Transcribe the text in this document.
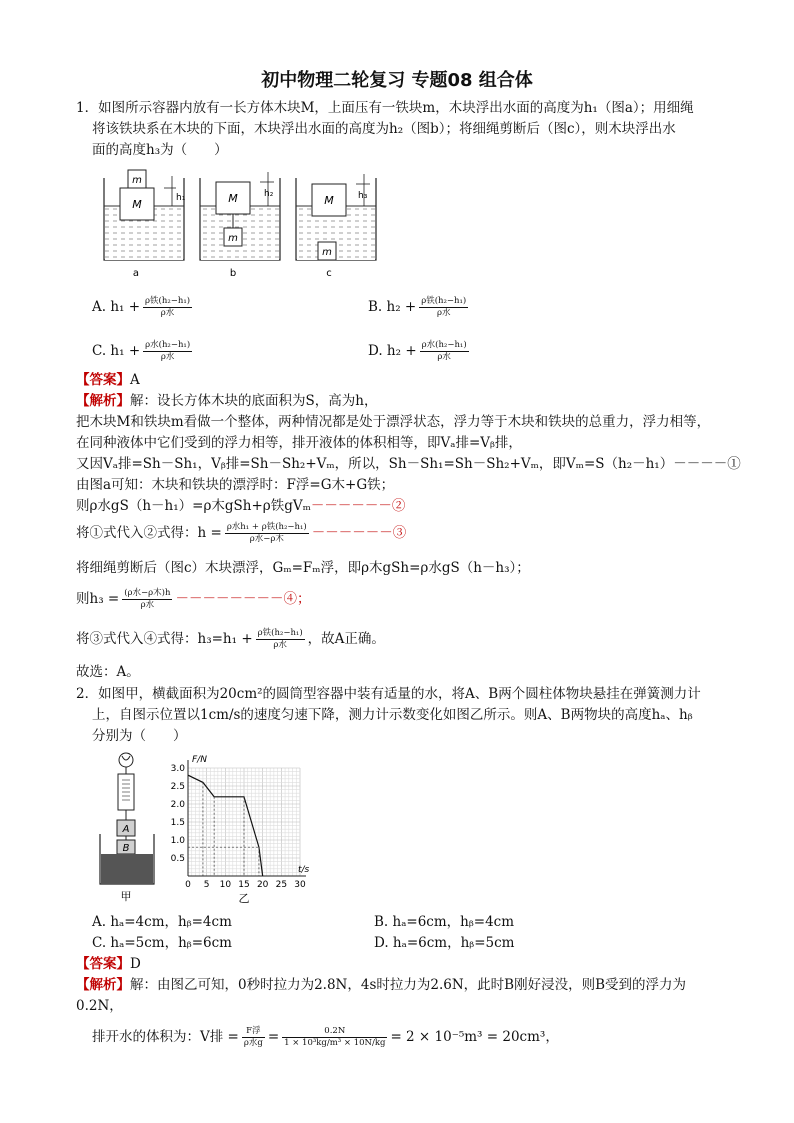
初中物理二轮复习 专题08 组合体
1．如图所示容器内放有一长方体木块M，上面压有一铁块m，木块浮出水面的高度为h₁（图a）；用细绳
将该铁块系在木块的下面，木块浮出水面的高度为h₂（图b）；将细绳剪断后（图c），则木块浮出水
面的高度h₃为（　　）
m
M	h₁
a
m
M	h₂
b
m
M	h₃
c
A. $h_1 + \frac{\text{ρ铁(h₂−h₁)}}{\text{ρ水}}$	B. $h_2 + \frac{\text{ρ铁(h₂−h₁)}}{\text{ρ水}}$
C. $h_1 + \frac{\text{ρ水(h₂−h₁)}}{\text{ρ水}}$	D. $h_2 + \frac{\text{ρ水(h₂−h₁)}}{\text{ρ水}}$
【答案】A
【解析】解：设长方体木块的底面积为S，高为h，
把木块M和铁块m看做一个整体，两种情况都是处于漂浮状态，浮力等于木块和铁块的总重力，浮力相等，
在同种液体中它们受到的浮力相等，排开液体的体积相等，即Vₐ排=Vᵦ排，
又因Vₐ排=Sh－Sh₁，Vᵦ排=Sh－Sh₂+Vₘ，所以，Sh－Sh₁=Sh－Sh₂+Vₘ，即Vₘ=S（h₂－h₁）－－－－①
由图a可知：木块和铁块的漂浮时：F浮=G木+G铁；
则ρ水gS（h－h₁）=ρ木gSh+ρ铁gVₘ－－－－－－②
将①式代入②式得：$h = \frac{\text{ρ水h₁ + ρ铁(h₂−h₁)}}{\text{ρ水−ρ木}}$ －－－－－－③
将细绳剪断后（图c）木块漂浮，Gₘ=Fₘ浮，即ρ木gSh=ρ水gS（h－h₃）；
则$h_3 = \frac{\text{(ρ水−ρ木)h}}{\text{ρ水}}$ －－－－－－－－④；
将③式代入④式得：$h_3=h_1 + \frac{\text{ρ铁(h₂−h₁)}}{\text{ρ水}}$ ，故A正确。
故选：A。
2．如图甲，横截面积为20cm²的圆筒型容器中装有适量的水，将A、B两个圆柱体物块悬挂在弹簧测力计
上，自图示位置以1cm/s的速度匀速下降，测力计示数变化如图乙所示。则A、B两物块的高度hₐ、hᵦ
分别为（　　）
A
B
甲
0 5 10 15 20 25 30
0.5
1.0
1.5
2.0
2.5
3.0
F/N
t/s
乙
A. hₐ=4cm，hᵦ=4cm	B. hₐ=6cm，hᵦ=4cm
C. hₐ=5cm，hᵦ=6cm	D. hₐ=6cm，hᵦ=5cm
【答案】D
【解析】解：由图乙可知，0秒时拉力为2.8N，4s时拉力为2.6N，此时B刚好浸没，则B受到的浮力为
0.2N，
排开水的体积为：V排 = $\frac{\text{F浮}}{\text{ρ水g}} = \frac{0.2N}{\text{1 × 10³kg/m³ × 10N/kg}} = 2 \times 10^{-5}m^3 = 20cm^3$，
